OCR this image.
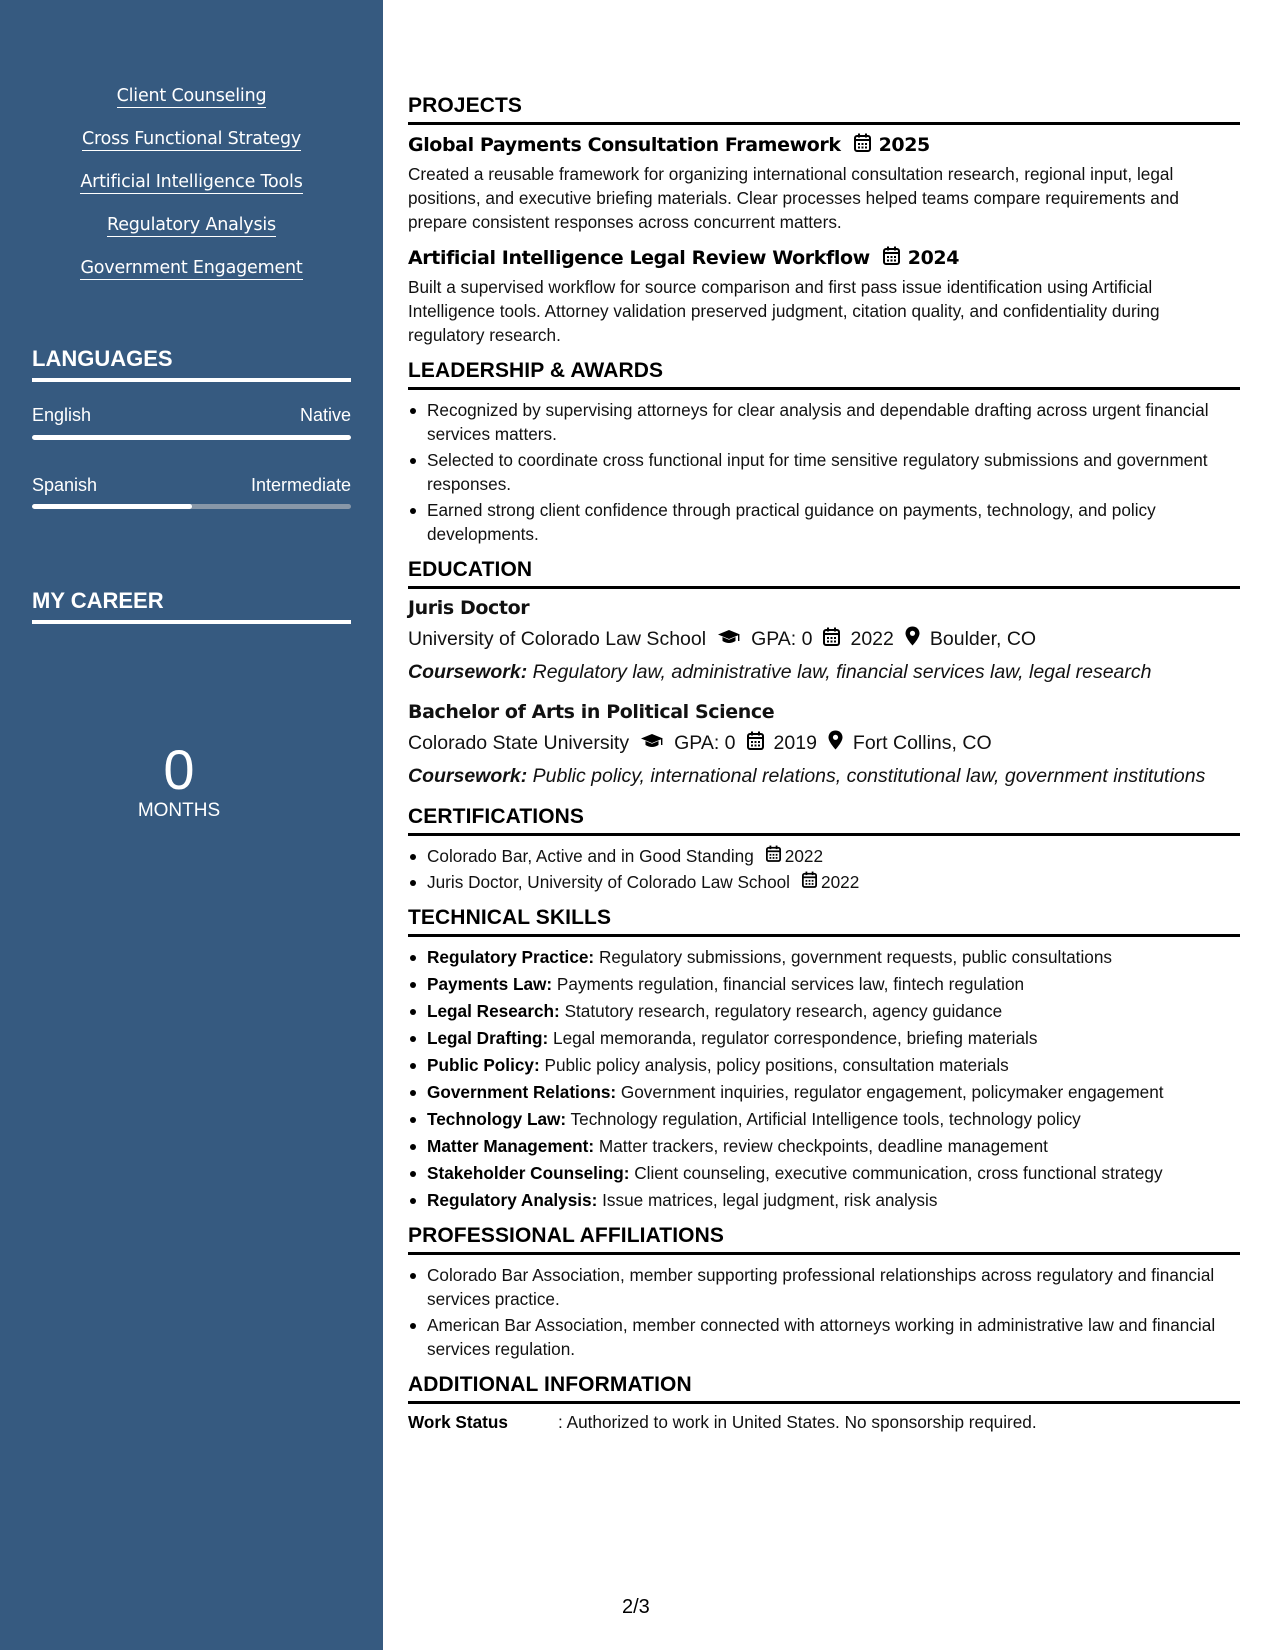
Client Counseling
Cross Functional Strategy
Artificial Intelligence Tools
Regulatory Analysis
Government Engagement
LANGUAGES
English	Native
Spanish	Intermediate
MY CAREER
0
MONTHS
PROJECTS
Global Payments Consultation Framework 2025
Created a reusable framework for organizing international consultation research, regional input, legal positions, and executive briefing materials. Clear processes helped teams compare requirements and prepare consistent responses across concurrent matters.
Artificial Intelligence Legal Review Workflow 2024
Built a supervised workflow for source comparison and first pass issue identification using Artificial Intelligence tools. Attorney validation preserved judgment, citation quality, and confidentiality during regulatory research.
LEADERSHIP & AWARDS
Recognized by supervising attorneys for clear analysis and dependable drafting across urgent financial services matters.
Selected to coordinate cross functional input for time sensitive regulatory submissions and government responses.
Earned strong client confidence through practical guidance on payments, technology, and policy developments.
EDUCATION
Juris Doctor
University of Colorado Law School GPA: 0 2022 Boulder, CO
Coursework: Regulatory law, administrative law, financial services law, legal research
Bachelor of Arts in Political Science
Colorado State University GPA: 0 2019 Fort Collins, CO
Coursework: Public policy, international relations, constitutional law, government institutions
CERTIFICATIONS
Colorado Bar, Active and in Good Standing 2022
Juris Doctor, University of Colorado Law School 2022
TECHNICAL SKILLS
Regulatory Practice: Regulatory submissions, government requests, public consultations
Payments Law: Payments regulation, financial services law, fintech regulation
Legal Research: Statutory research, regulatory research, agency guidance
Legal Drafting: Legal memoranda, regulator correspondence, briefing materials
Public Policy: Public policy analysis, policy positions, consultation materials
Government Relations: Government inquiries, regulator engagement, policymaker engagement
Technology Law: Technology regulation, Artificial Intelligence tools, technology policy
Matter Management: Matter trackers, review checkpoints, deadline management
Stakeholder Counseling: Client counseling, executive communication, cross functional strategy
Regulatory Analysis: Issue matrices, legal judgment, risk analysis
PROFESSIONAL AFFILIATIONS
Colorado Bar Association, member supporting professional relationships across regulatory and financial services practice.
American Bar Association, member connected with attorneys working in administrative law and financial services regulation.
ADDITIONAL INFORMATION
Work Status	: Authorized to work in United States. No sponsorship required.
2/3
